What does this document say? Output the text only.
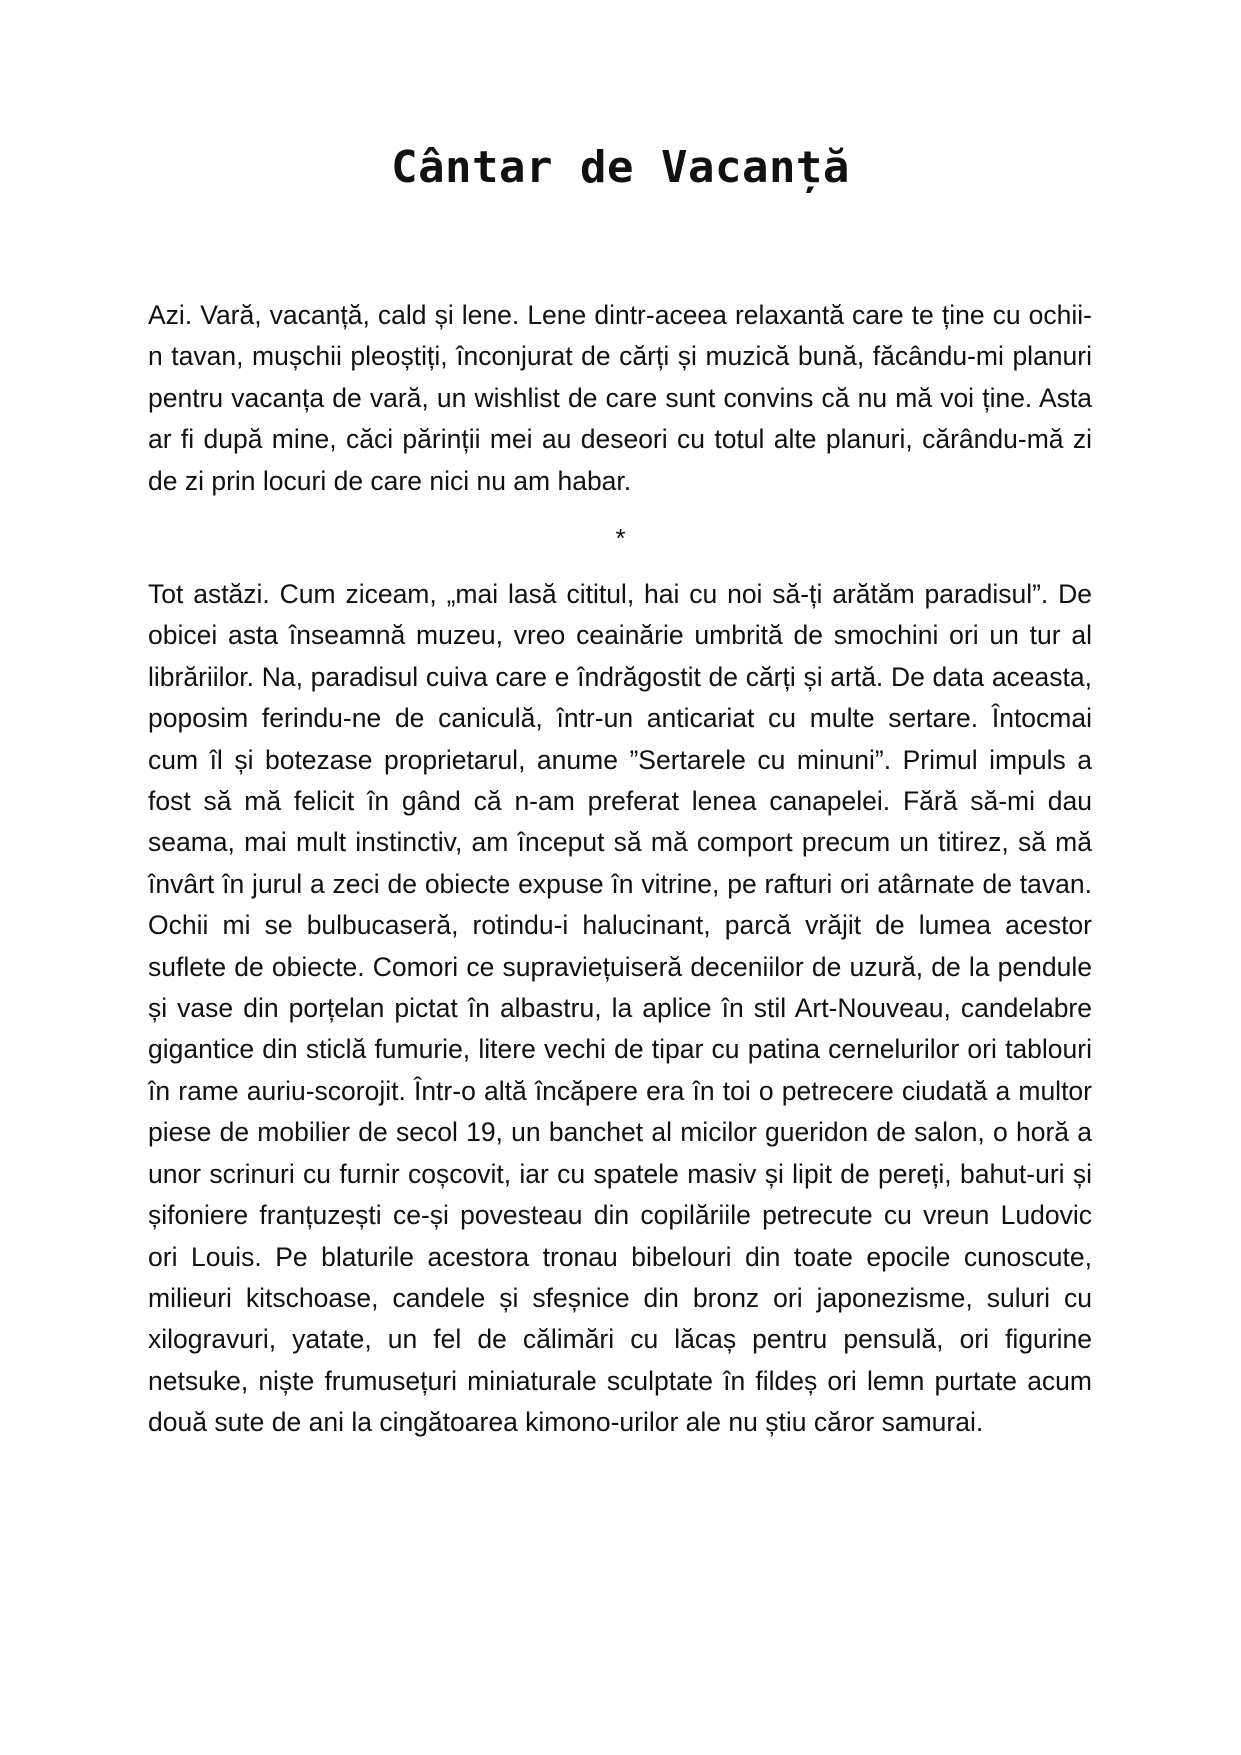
Cântar de Vacanță

Azi. Vară, vacanță, cald și lene. Lene dintr-aceea relaxantă care te ține cu ochii-n tavan, mușchii pleoștiți, înconjurat de cărți și muzică bună, făcându-mi planuri pentru vacanța de vară, un wishlist de care sunt convins că nu mă voi ține. Asta ar fi după mine, căci părinții mei au deseori cu totul alte planuri, cărându-mă zi de zi prin locuri de care nici nu am habar.

*

Tot astăzi. Cum ziceam, „mai lasă cititul, hai cu noi să-ți arătăm paradisul”. De obicei asta înseamnă muzeu, vreo ceainărie umbrită de smochini ori un tur al librăriilor. Na, paradisul cuiva care e îndrăgostit de cărți și artă. De data aceasta, poposim ferindu-ne de caniculă, într-un anticariat cu multe sertare. Întocmai cum îl și botezase proprietarul, anume ”Sertarele cu minuni”. Primul impuls a fost să mă felicit în gând că n-am preferat lenea canapelei. Fără să-mi dau seama, mai mult instinctiv, am început să mă comport precum un titirez, să mă învârt în jurul a zeci de obiecte expuse în vitrine, pe rafturi ori atârnate de tavan. Ochii mi se bulbucaseră, rotindu-i halucinant, parcă vrăjit de lumea acestor suflete de obiecte. Comori ce supraviețuiseră deceniilor de uzură, de la pendule și vase din porțelan pictat în albastru, la aplice în stil Art-Nouveau, candelabre gigantice din sticlă fumurie, litere vechi de tipar cu patina cernelurilor ori tablouri în rame auriu-scorojit. Într-o altă încăpere era în toi o petrecere ciudată a multor piese de mobilier de secol 19, un banchet al micilor gueridon de salon, o horă a unor scrinuri cu furnir coșcovit, iar cu spatele masiv și lipit de pereți, bahut-uri și șifoniere franțuzești ce-și povesteau din copilăriile petrecute cu vreun Ludovic ori Louis. Pe blaturile acestora tronau bibelouri din toate epocile cunoscute, milieuri kitschoase, candele și sfeșnice din bronz ori japonezisme, suluri cu xilogravuri, yatate, un fel de călimări cu lăcaș pentru pensulă, ori figurine netsuke, niște frumusețuri miniaturale sculptate în fildeș ori lemn purtate acum două sute de ani la cingătoarea kimono-urilor ale nu știu căror samurai.
